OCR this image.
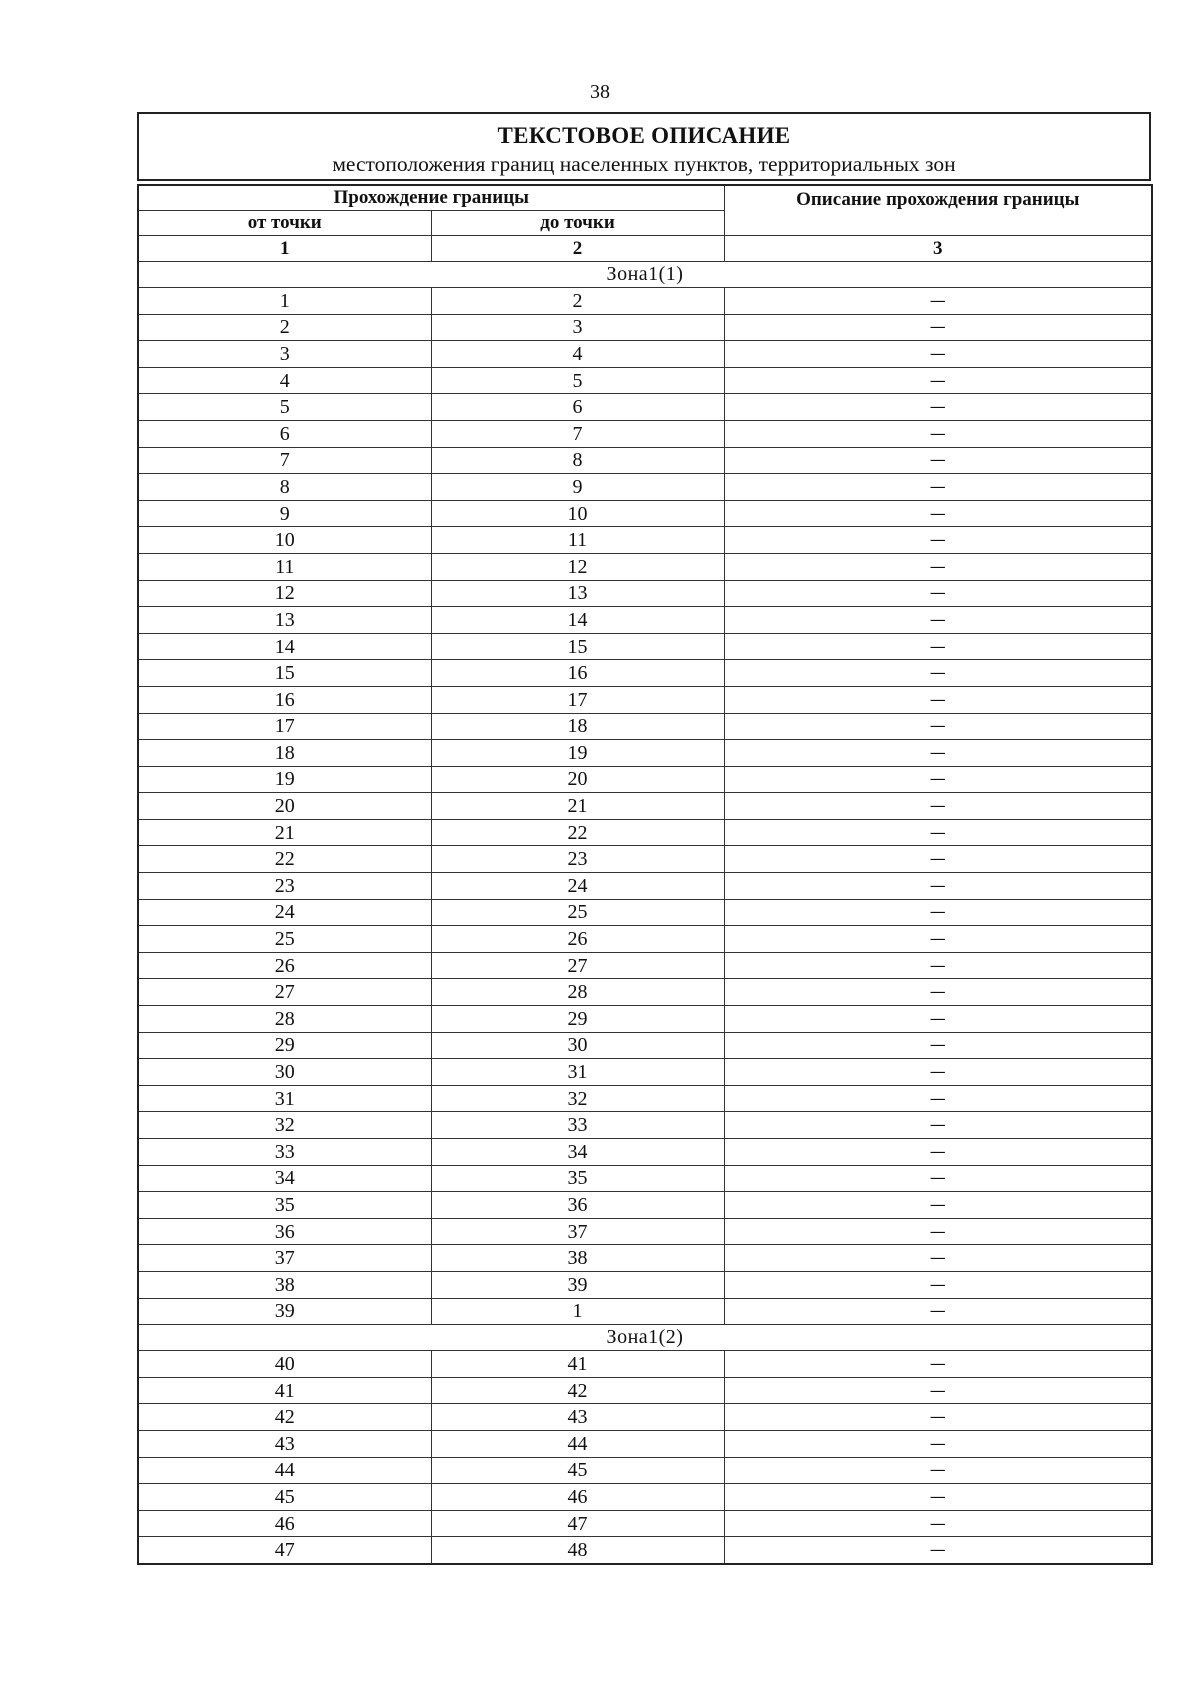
38
ТЕКСТОВОЕ ОПИСАНИЕ
местоположения границ населенных пунктов, территориальных зон
Прохождение границы		Описание прохождения границы
от точки	до точки	
1	2	3
Зона1(1)		
1	2	—
2	3	—
3	4	—
4	5	—
5	6	—
6	7	—
7	8	—
8	9	—
9	10	—
10	11	—
11	12	—
12	13	—
13	14	—
14	15	—
15	16	—
16	17	—
17	18	—
18	19	—
19	20	—
20	21	—
21	22	—
22	23	—
23	24	—
24	25	—
25	26	—
26	27	—
27	28	—
28	29	—
29	30	—
30	31	—
31	32	—
32	33	—
33	34	—
34	35	—
35	36	—
36	37	—
37	38	—
38	39	—
39	1	—
Зона1(2)		
40	41	—
41	42	—
42	43	—
43	44	—
44	45	—
45	46	—
46	47	—
47	48	—
